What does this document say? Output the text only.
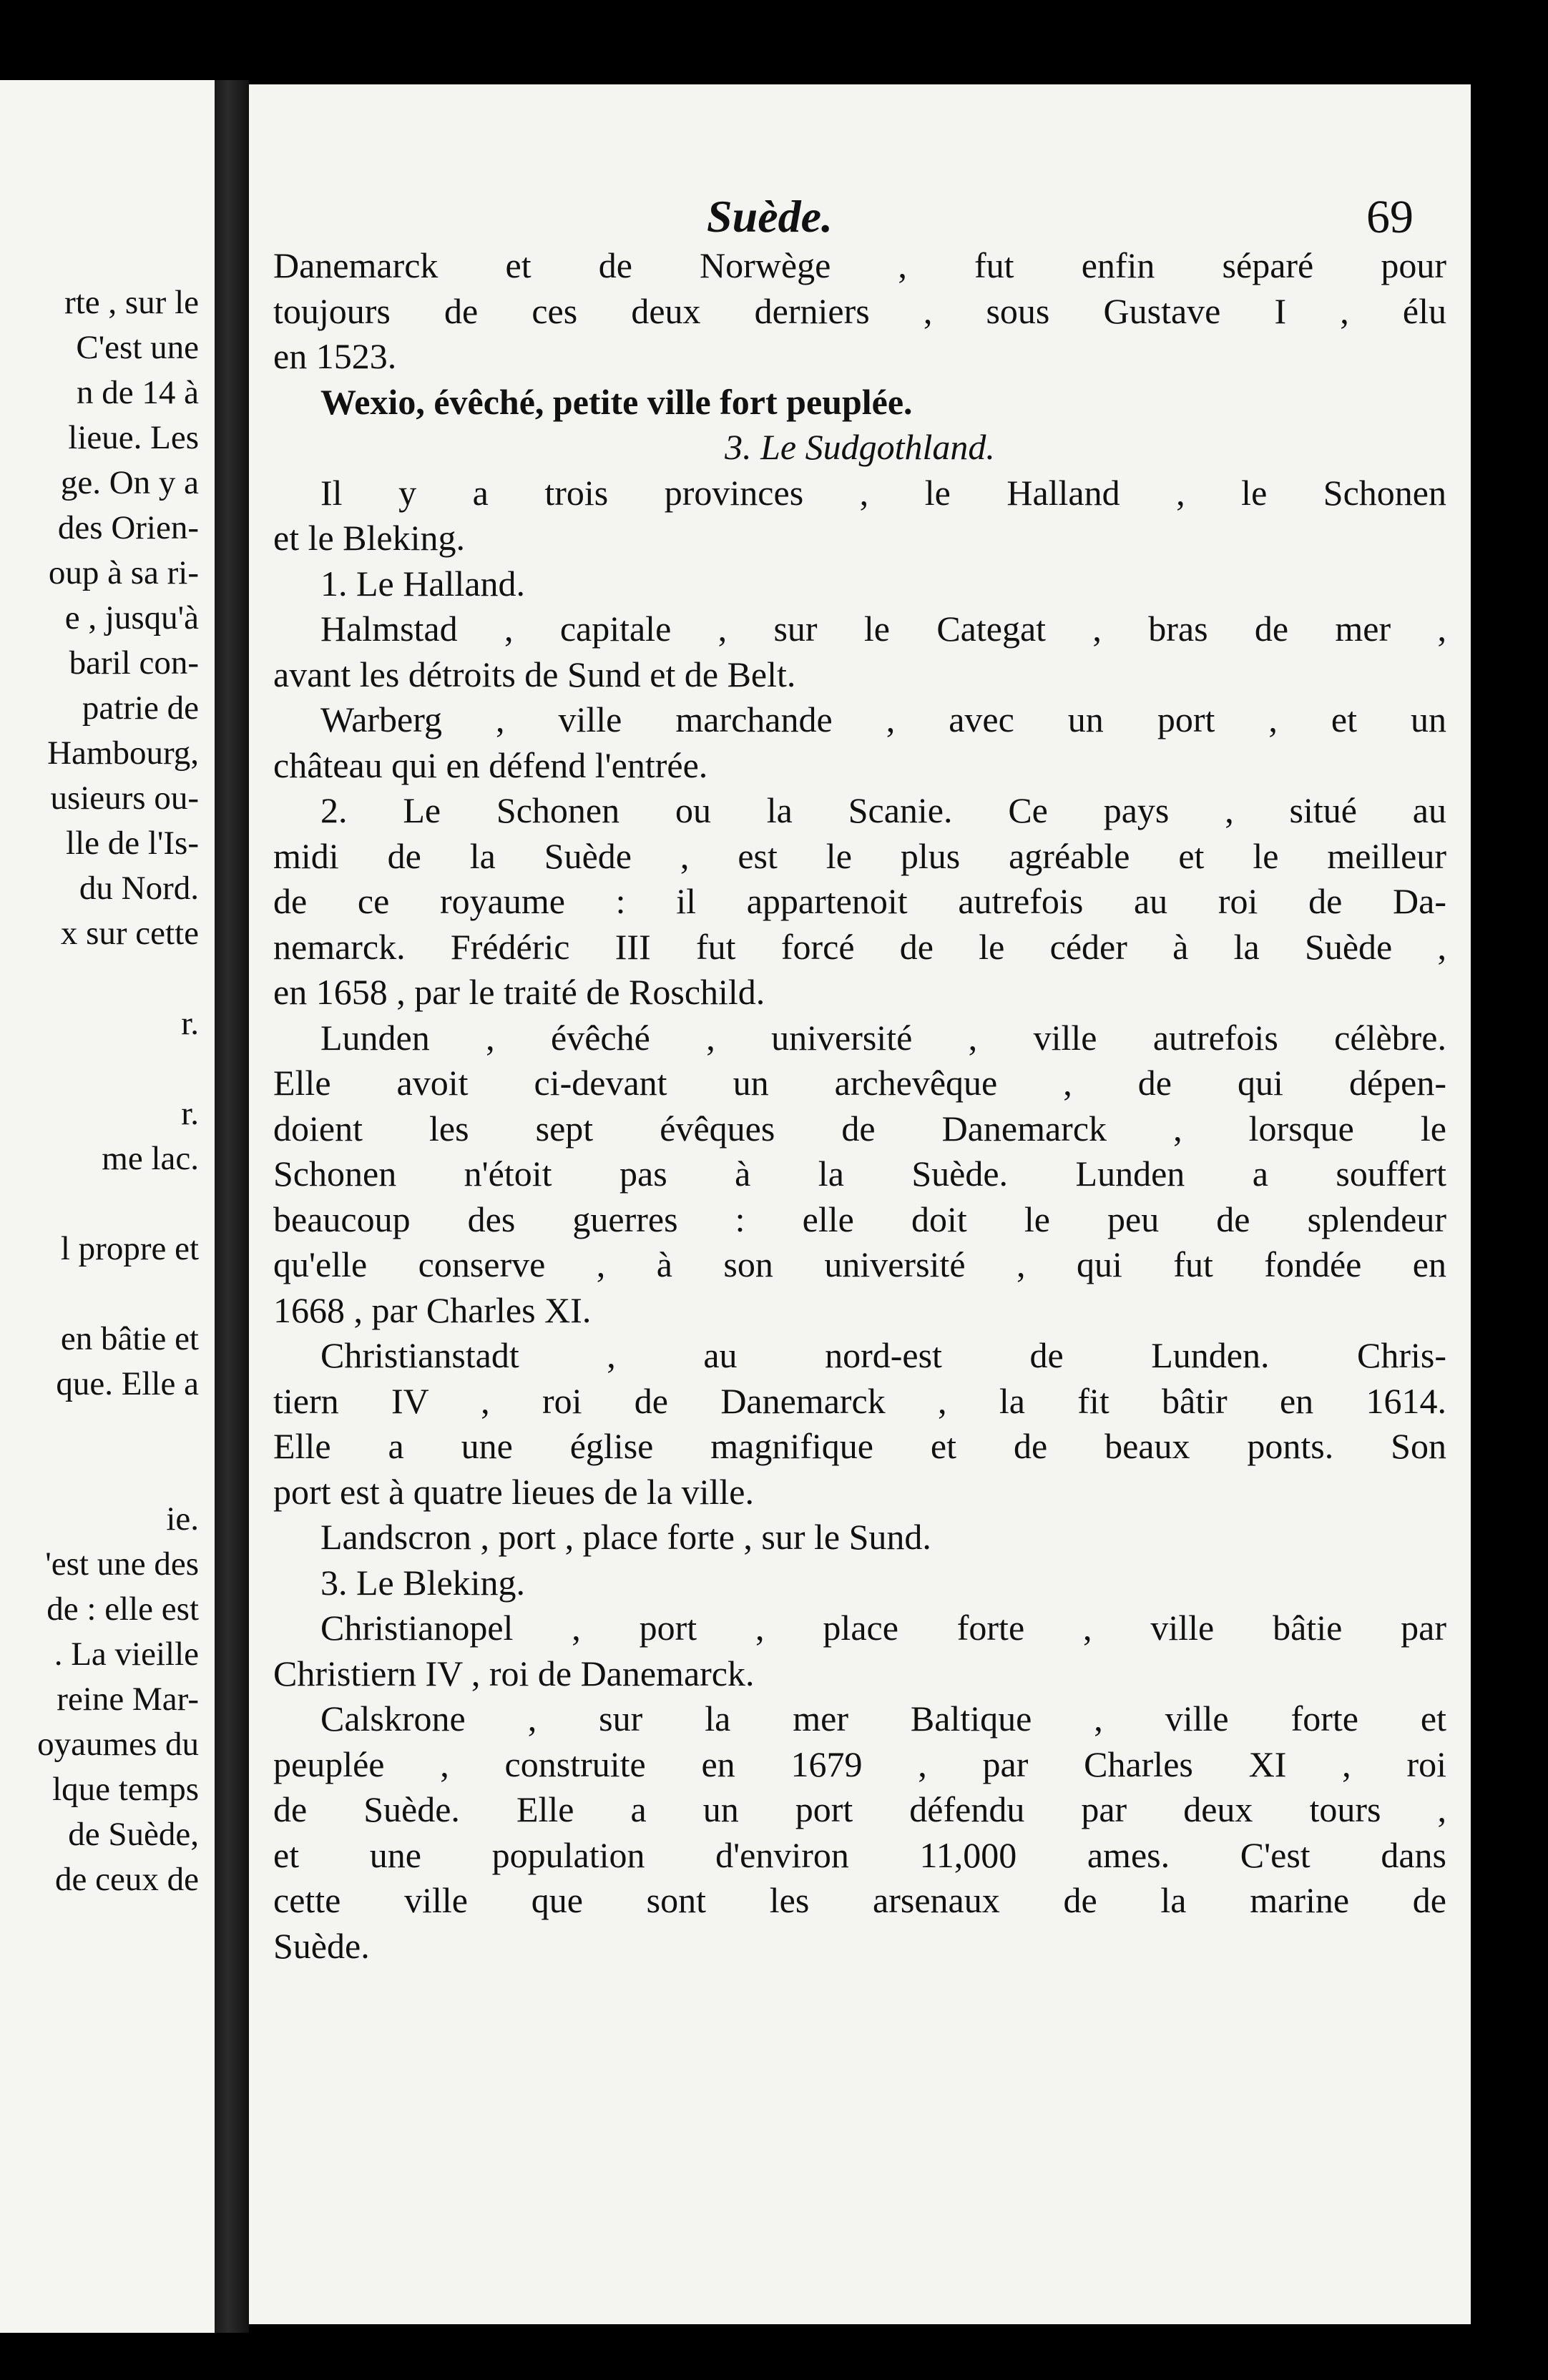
rte , sur le
C'est une
n de 14 à
lieue. Les
ge. On y a
des Orien-
oup à sa ri-
e , jusqu'à
baril con-
patrie de
Hambourg,
usieurs ou-
lle de l'Is-
du Nord.
x sur cette

r.

r.
me lac.

l propre et

en bâtie et
que. Elle a

ie.
'est une des
de : elle est
. La vieille
reine Mar-
oyaumes du
lque temps
de Suède,
de ceux de
Suède.	69
Danemarck et de Norwège , fut enfin séparé pour
toujours de ces deux derniers , sous Gustave I , élu
en 1523.
Wexio, évêché, petite ville fort peuplée.
3. Le Sudgothland.
Il y a trois provinces , le Halland , le Schonen
et le Bleking.
1. Le Halland.
Halmstad , capitale , sur le Categat , bras de mer ,
avant les détroits de Sund et de Belt.
Warberg , ville marchande , avec un port , et un
château qui en défend l'entrée.
2. Le Schonen ou la Scanie. Ce pays , situé au
midi de la Suède , est le plus agréable et le meilleur
de ce royaume : il appartenoit autrefois au roi de Da-
nemarck. Frédéric III fut forcé de le céder à la Suède ,
en 1658 , par le traité de Roschild.
Lunden , évêché , université , ville autrefois célèbre.
Elle avoit ci-devant un archevêque , de qui dépen-
doient les sept évêques de Danemarck , lorsque le
Schonen n'étoit pas à la Suède. Lunden a souffert
beaucoup des guerres : elle doit le peu de splendeur
qu'elle conserve , à son université , qui fut fondée en
1668 , par Charles XI.
Christianstadt , au nord-est de Lunden. Chris-
tiern IV , roi de Danemarck , la fit bâtir en 1614.
Elle a une église magnifique et de beaux ponts. Son
port est à quatre lieues de la ville.
Landscron , port , place forte , sur le Sund.
3. Le Bleking.
Christianopel , port , place forte , ville bâtie par
Christiern IV , roi de Danemarck.
Calskrone , sur la mer Baltique , ville forte et
peuplée , construite en 1679 , par Charles XI , roi
de Suède. Elle a un port défendu par deux tours ,
et une population d'environ 11,000 ames. C'est dans
cette ville que sont les arsenaux de la marine de
Suède.
